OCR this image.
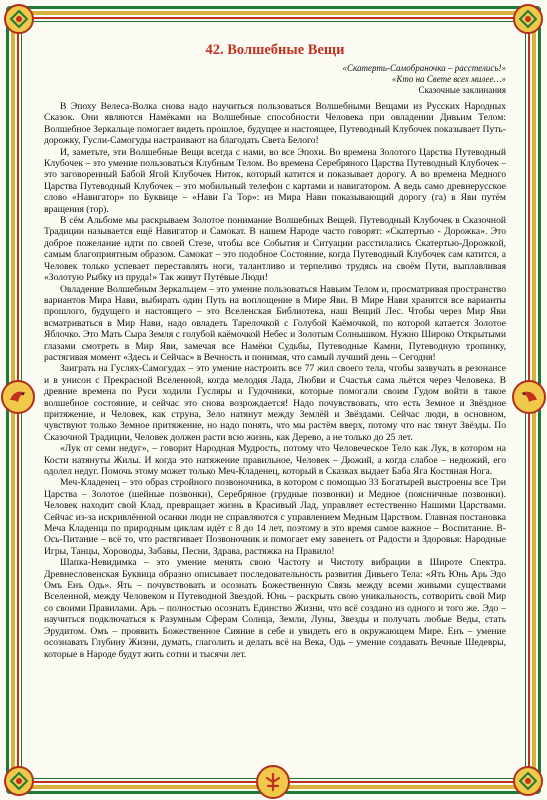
42. Волшебные Вещи
«Скатерть-Самобраночка – расстелись!»
«Кто на Свете всех милее…»
Сказочные заклинания

В Эпоху Велеса-Волка снова надо научиться пользоваться Волшебными Вещами из Русских Народных Сказок. Они являются Намёками на Волшебные способности Человека при овладении Дивьим Телом: Волшебное Зеркальце помогает видеть прошлое, будущее и настоящее, Путеводный Клубочек показывает Путь-дорожку, Гусли-Самогуды настраивают на благодать Света Белого!

И, заметьте, эти Волшебные Вещи всегда с нами, во все Эпохи. Во времена Золотого Царства Путеводный Клубочек – это умение пользоваться Клубным Телом. Во времена Серебряного Царства Путеводный Клубочек – это заговоренный Бабой Ягой Клубочек Ниток, который катится и показывает дорогу. А во времена Медного Царства Путеводный Клубочек – это мобильный телефон с картами и навигатором. А ведь само древнерусское слово «Навигатор» по Буквице – «Нави Га Тор»: из Мира Нави показывающий дорогу (га) в Яви путём вращения (тор).

В сём Альбоме мы раскрываем Золотое понимание Волшебных Вещей. Путеводный Клубочек в Сказочной Традиции называется ещё Навигатор и Самокат. В нашем Народе часто говорят: «Скатертью - Дорожка». Это доброе пожелание идти по своей Стезе, чтобы все События и Ситуации расстилались Скатертью-Дорожкой, самым благоприятным образом. Самокат – это подобное Состояние, когда Путеводный Клубочек сам катится, а Человек только успевает переставлять ноги, талантливо и терпеливо трудясь на своём Пути, выплавливая «Золотую Рыбку из пруда!» Так живут Путёвые Люди!

Овладение Волшебным Зеркальцем – это умение пользоваться Навьим Телом и, просматривая пространство вариантов Мира Нави, выбирать один Путь на воплощение в Мире Яви. В Мире Нави хранятся все варианты прошлого, будущего и настоящего – это Вселенская Библиотека, наш Вещий Лес. Чтобы через Мир Яви всматриваться в Мир Нави, надо овладеть Тарелочкой с Голубой Каёмочкой, по которой катается Золотое Яблочко. Это Мать Сыра Земля с голубой каёмочкой Небес и Золотым Солнышком. Нужно Широко Открытыми глазами смотреть в Мир Яви, замечая все Намёки Судьбы, Путеводные Камни, Путеводную тропинку, растягивая момент «Здесь и Сейчас» в Вечность и понимая, что самый лучший день – Сегодня!

Заиграть на Гуслях-Самогудах – это умение настроить все 77 жил своего тела, чтобы зазвучать в резонансе и в унисон с Прекрасной Вселенной, когда мелодия Лада, Любви и Счастья сама льётся через Человека. В древние времена по Руси ходили Гусляры и Гудочники, которые помогали своим Гудом войти в такое волшебное состояние, и сейчас это снова возрождается! Надо почувствовать, что есть Земное и Звёздное притяжение, и Человек, как струна, Зело натянут между Землёй и Звёздами. Сейчас люди, в основном, чувствуют только Земное притяжение, но надо понять, что мы растём вверх, потому что нас тянут Звёзды. По Сказочной Традиции, Человек должен расти всю жизнь, как Дерево, а не только до 25 лет.

«Лук от семи недуг», – говорит Народная Мудрость, потому что Человеческое Тело как Лук, в котором на Кости натянуты Жилы. И когда это натяжение правильное, Человек – Дюжий, а когда слабое – недюжий, его одолел недуг. Помочь этому может только Меч-Кладенец, который в Сказках выдает Баба Яга Костяная Нога.

Меч-Кладенец – это образ стройного позвоночника, в котором с помощью 33 Богатырей выстроены все Три Царства – Золотое (шейные позвонки), Серебряное (грудные позвонки) и Медное (поясничные позвонки). Человек находит свой Клад, превращает жизнь в Красивый Лад, управляет естественно Нашими Царствами. Сейчас из-за искривлённой осанки люди не справляются с управлением Медным Царством. Главная постановка Меча Кладенца по природным циклам идёт с 8 до 14 лет, поэтому в это время самое важное – Воспитание. В-Ось-Питание – всё то, что растягивает Позвоночник и помогает ему завенеть от Радости и Здоровья: Народные Игры, Танцы, Хороводы, Забавы, Песни, Здрава, растяжка на Правило!

Шапка-Невидимка – это умение менять свою Частоту и Чистоту вибрации в Широте Спектра. Древнесловенская Буквица образно описывает последовательность развития Дивьего Тела: «Ять Юнь Арь Эдо Омъ Енъ Одь». Ять – почувствовать и осознать Божественную Связь между всеми живыми существами Вселенной, между Человеком и Путеводной Звездой. Юнь – раскрыть свою уникальность, сотворить свой Мир со своими Правилами. Арь – полностью осознать Единство Жизни, что всё создано из одного и того же. Эдо – научиться подключаться к Разумным Сферам Солнца, Земли, Луны, Звезды и получать любые Веды, стать Эрудитом. Омъ – проявить Божественное Сияние в себе и увидеть его в окружающем Мире. Енъ – умение осознавать Глубину Жизни, думать, глаголить и делать всё на Века, Одь – умение создавать Вечные Шедевры, которые в Народе будут жить сотни и тысячи лет.
